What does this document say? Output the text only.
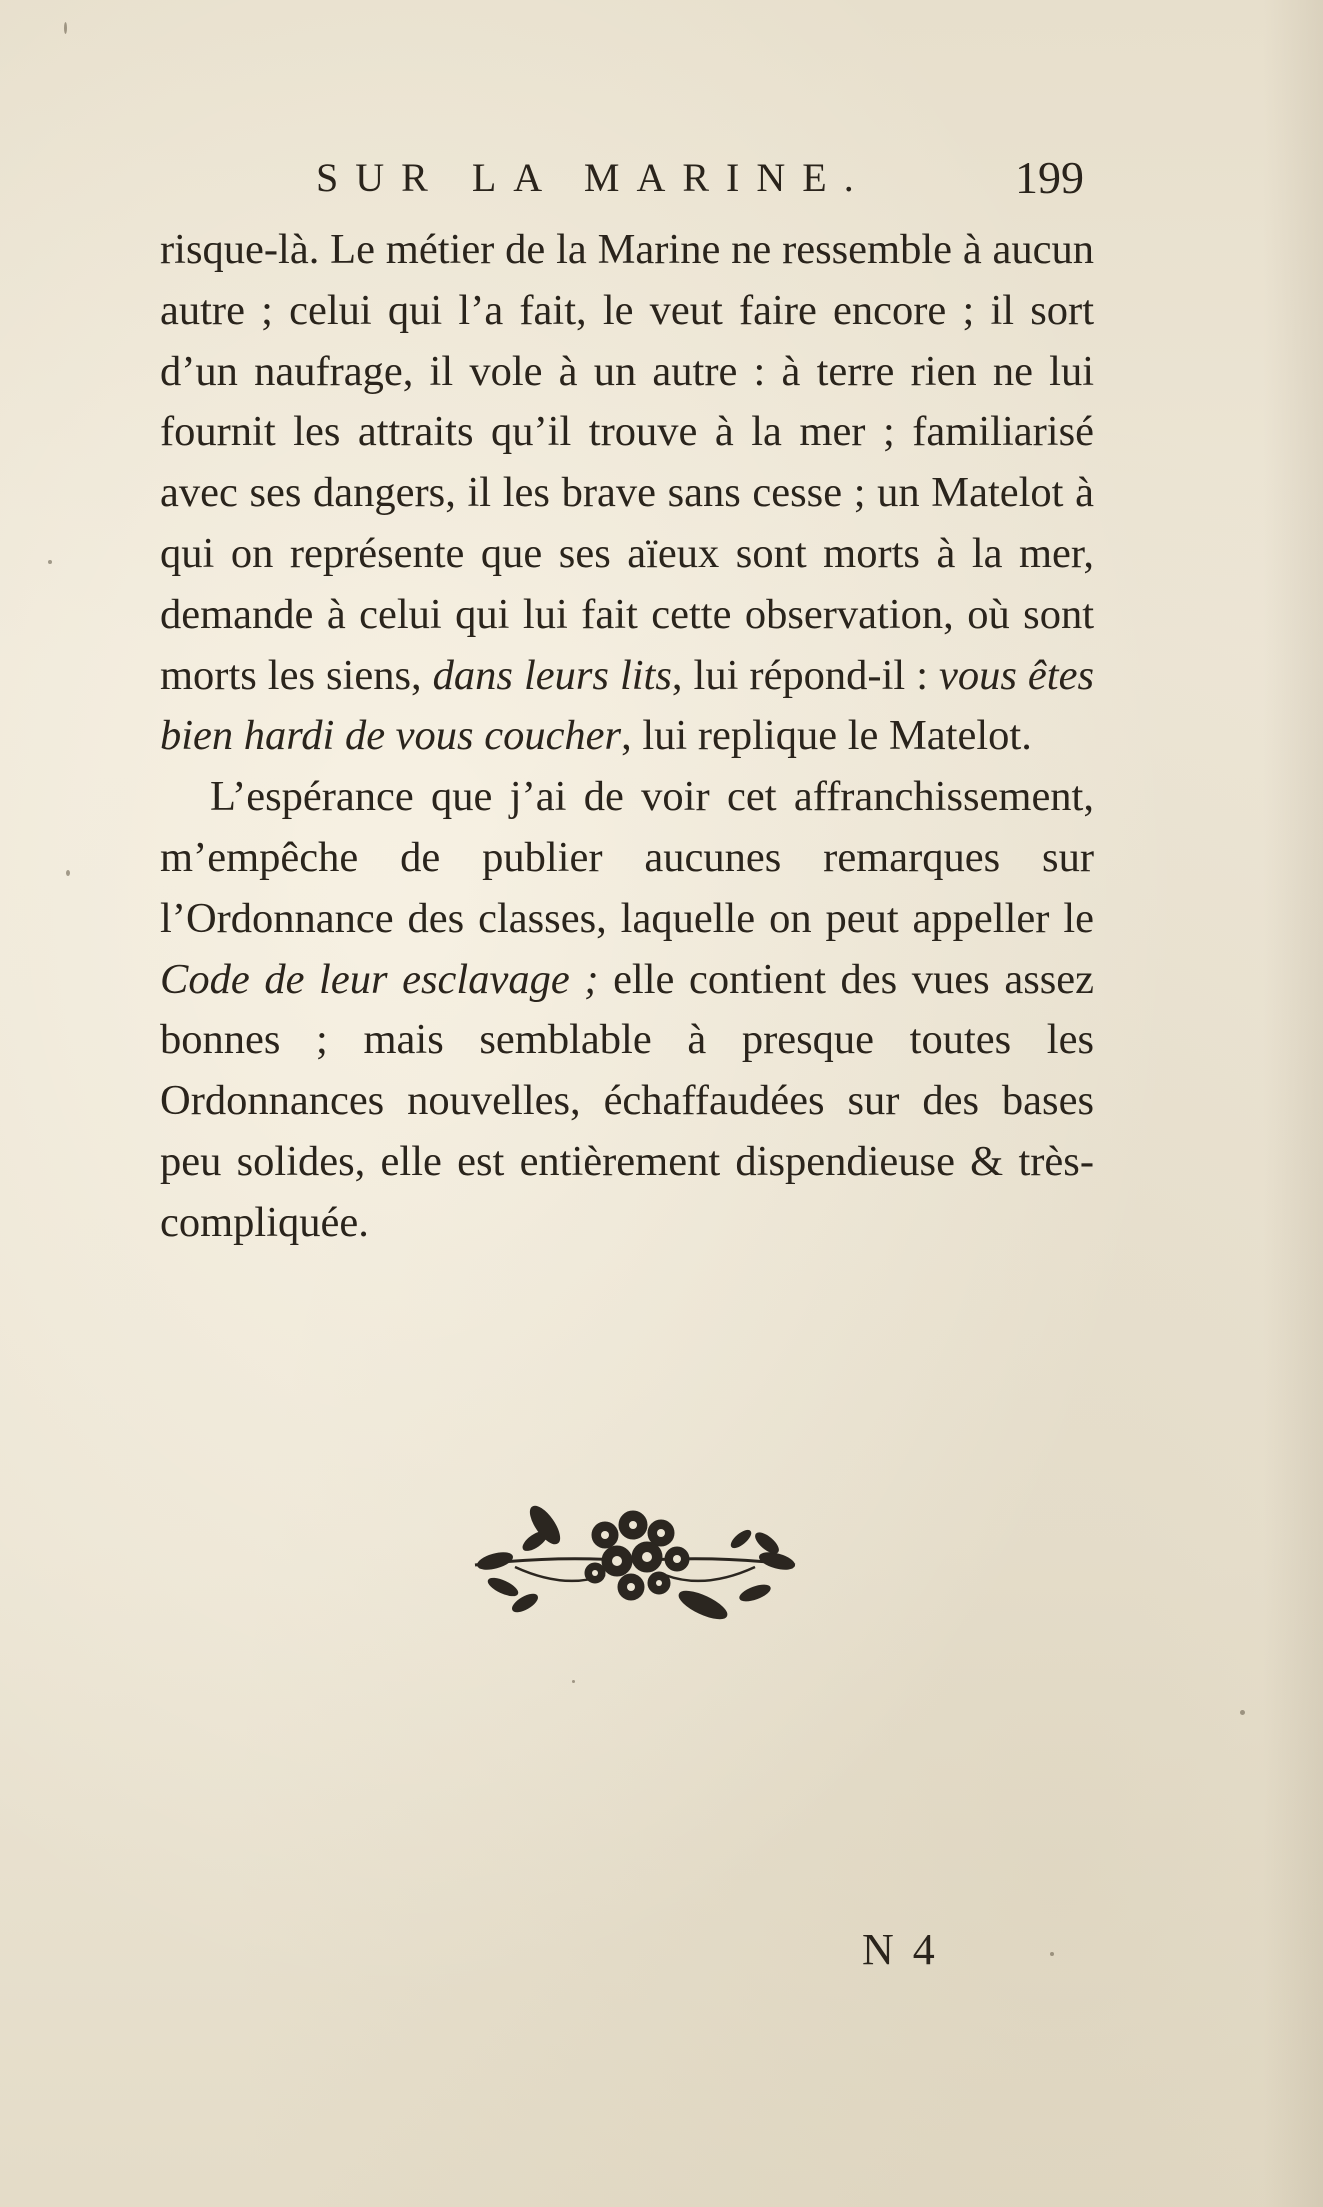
SUR LA MARINE.	199

risque-là. Le métier de la Marine ne ressemble à aucun autre ; celui qui l’a fait, le veut faire encore ; il sort d’un naufrage, il vole à un autre : à terre rien ne lui fournit les attraits qu’il trouve à la mer ; familiarisé avec ses dangers, il les brave sans cesse ; un Matelot à qui on représente que ses aïeux sont morts à la mer, demande à celui qui lui fait cette observation, où sont morts les siens, dans leurs lits, lui répond-il : vous êtes bien hardi de vous coucher, lui replique le Matelot.

L’espérance que j’ai de voir cet affranchissement, m’empêche de publier aucunes remarques sur l’Ordonnance des classes, laquelle on peut appeller le Code de leur esclavage ; elle contient des vues assez bonnes ; mais semblable à presque toutes les Ordonnances nouvelles, échaffaudées sur des bases peu solides, elle est entièrement dispendieuse & très-compliquée.

N 4
